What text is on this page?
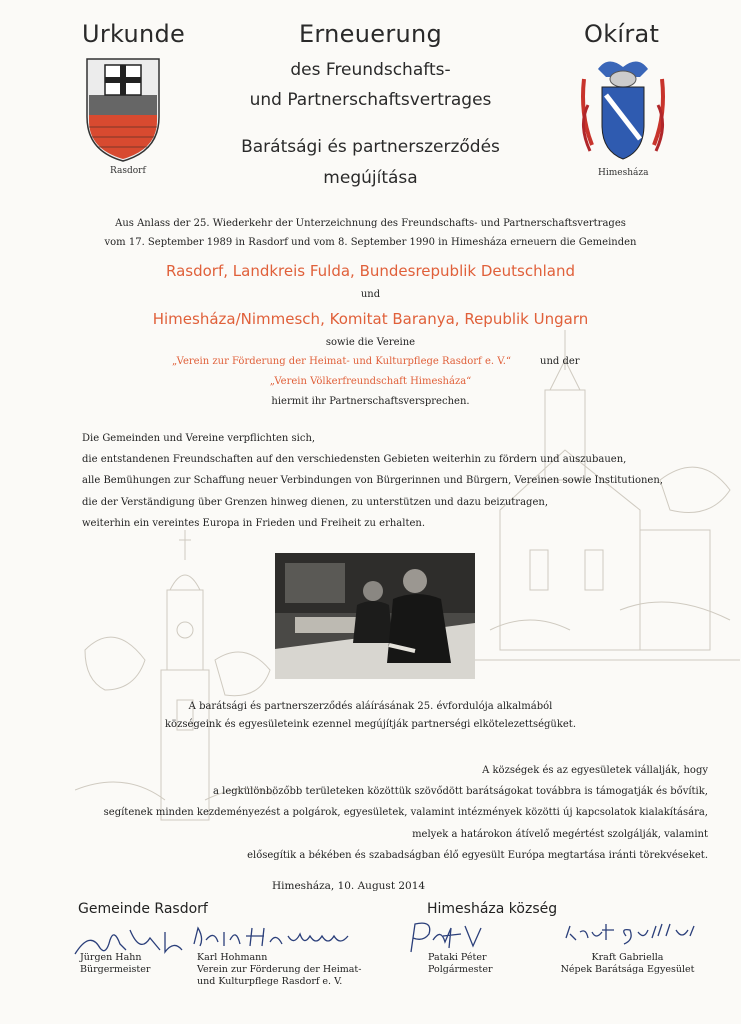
Urkunde	Okírat
Rasdorf	Himesháza
Erneuerung
des Freundschafts-
und Partnerschaftsvertrages
Barátsági és partnerszerződés
megújítása
Aus Anlass der 25. Wiederkehr der Unterzeichnung des Freundschafts- und Partnerschaftsvertrages
vom 17. September 1989 in Rasdorf und vom 8. September 1990 in Himesháza erneuern die Gemeinden
Rasdorf, Landkreis Fulda, Bundesrepublik Deutschland
und
Himesháza/Nimmesch, Komitat Baranya, Republik Ungarn
sowie die Vereine
„Verein zur Förderung der Heimat- und Kulturpflege Rasdorf e. V.“	und der
„Verein Völkerfreundschaft Himesháza“
hiermit ihr Partnerschaftsversprechen.
Die Gemeinden und Vereine verpflichten sich,
die entstandenen Freundschaften auf den verschiedensten Gebieten weiterhin zu fördern und auszubauen,
alle Bemühungen zur Schaffung neuer Verbindungen von Bürgerinnen und Bürgern, Vereinen sowie Institutionen,
die der Verständigung über Grenzen hinweg dienen, zu unterstützen und dazu beizutragen,
weiterhin ein vereintes Europa in Frieden und Freiheit zu erhalten.
A barátsági és partnerszerződés aláírásának 25. évfordulója alkalmából
községeink és egyesületeink ezennel megújítják partnerségi elkötelezettségüket.
A községek és az egyesületek vállalják, hogy
a legkülönbözőbb területeken közöttük szövődött barátságokat továbbra is támogatják és bővítik,
segítenek minden kezdeményezést a polgárok, egyesületek, valamint intézmények közötti új kapcsolatok kialakítására,
melyek a határokon átívelő megértést szolgálják, valamint
elősegítik a békében és szabadságban élő egyesült Európa megtartása iránti törekvéseket.
Himesháza, 10. August 2014
Gemeinde Rasdorf	Himesháza község
Jürgen Hahn
Bürgermeister
Karl Hohmann
Verein zur Förderung der Heimat-
und Kulturpflege Rasdorf e. V.
Pataki Péter
Polgármester
Kraft Gabriella
Népek Barátsága Egyesület
